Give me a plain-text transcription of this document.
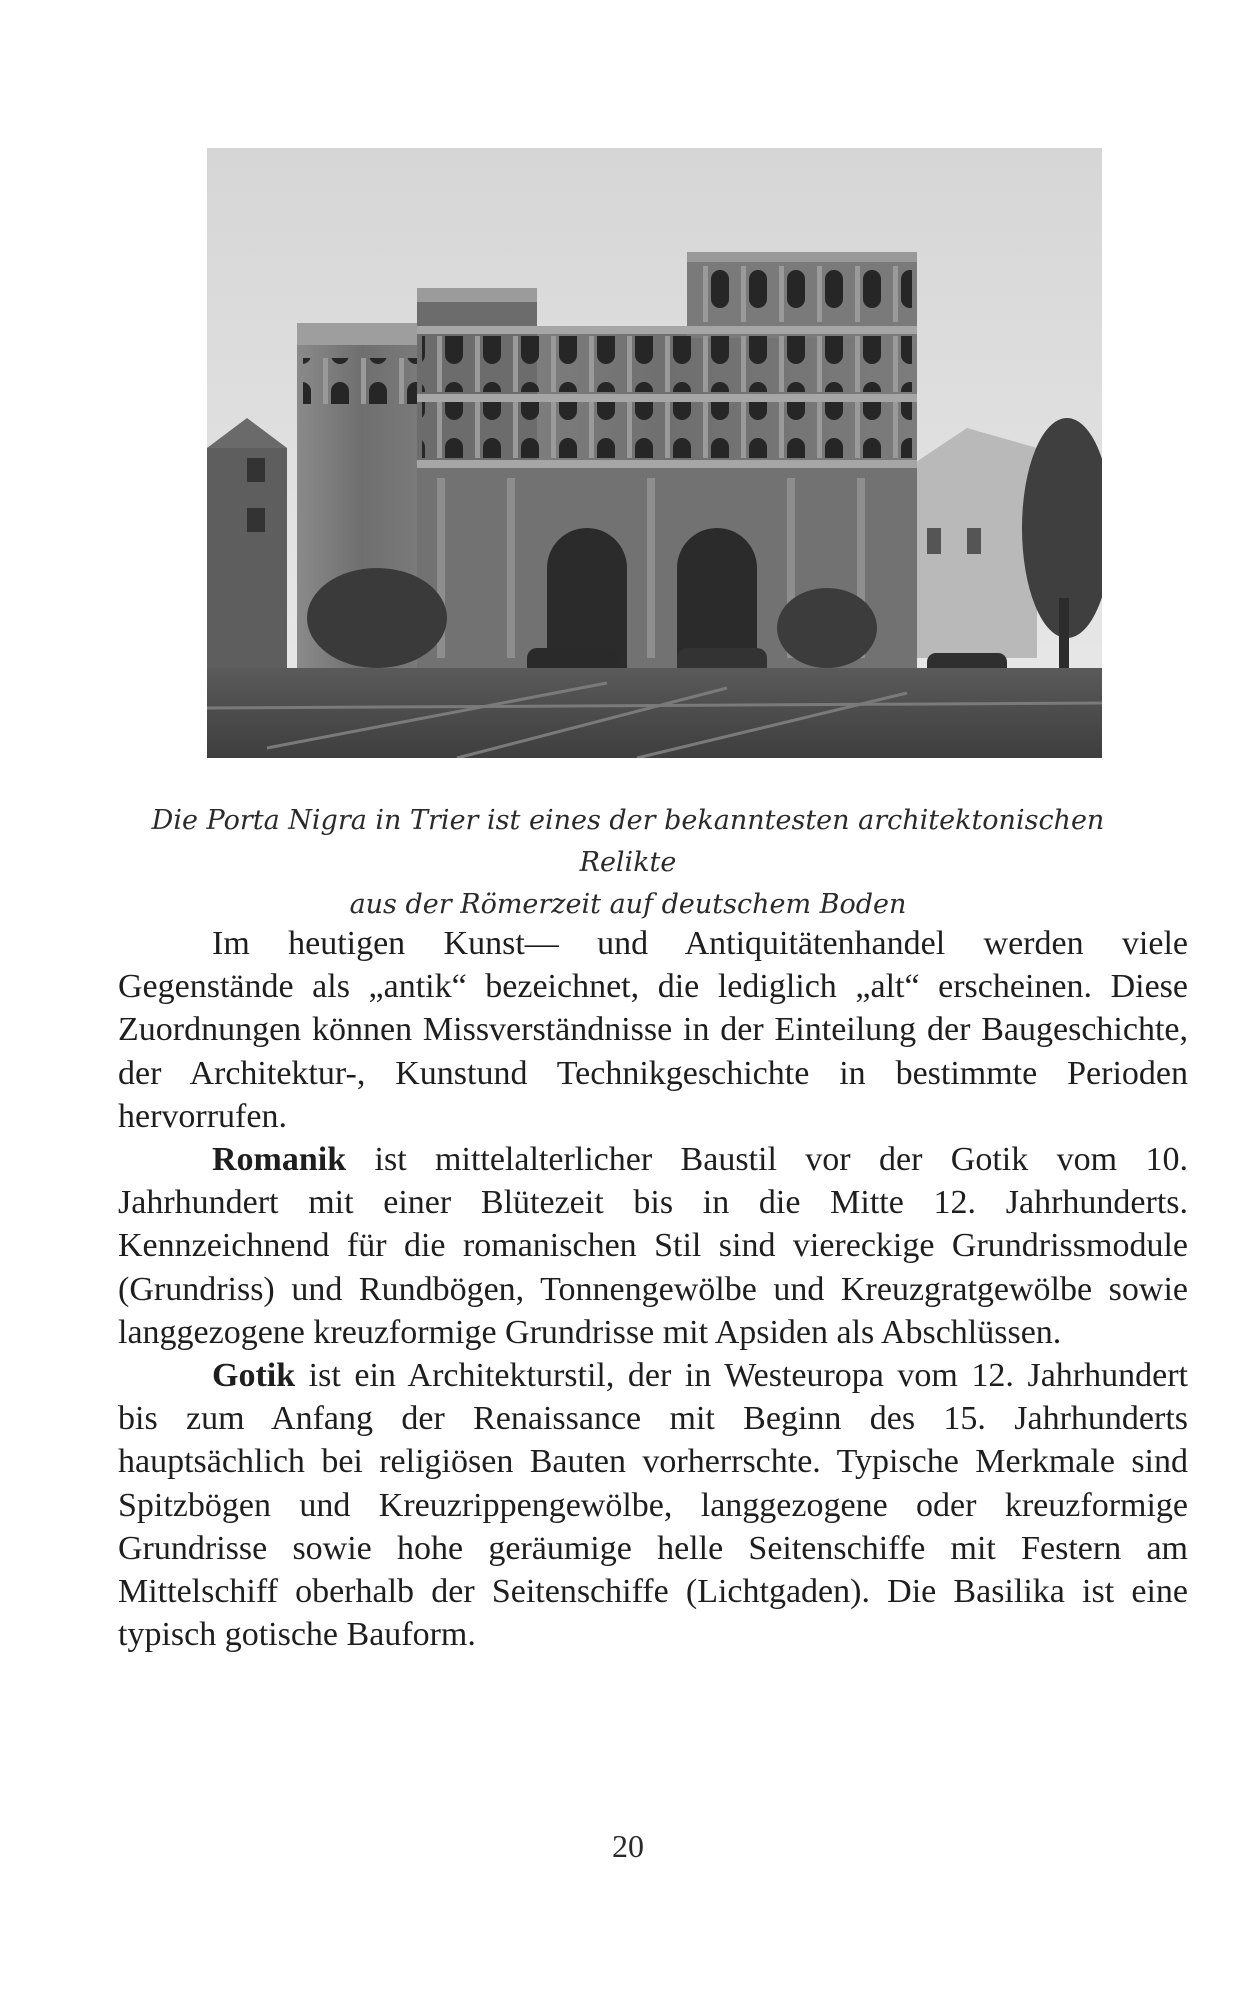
Die Porta Nigra in Trier ist eines der bekanntesten architektonischen Relikte
aus der Römerzeit auf deutschem Boden

Im heutigen Kunst— und Antiquitätenhandel werden viele Gegenstände als „antik“ bezeichnet, die lediglich „alt“ erscheinen. Diese Zuordnungen können Missverständnisse in der Einteilung der Baugeschichte, der Architektur-, Kunstund Technikgeschichte in bestimmte Perioden hervorrufen.

Romanik ist mittelalterlicher Baustil vor der Gotik vom 10. Jahrhundert mit einer Blütezeit bis in die Mitte 12. Jahrhunderts. Kennzeichnend für die romanischen Stil sind viereckige Grundrissmodule (Grundriss) und Rundbögen, Tonnengewölbe und Kreuzgratgewölbe sowie langgezogene kreuzformige Grundrisse mit Apsiden als Abschlüssen.

Gotik ist ein Architekturstil, der in Westeuropa vom 12. Jahrhundert bis zum Anfang der Renaissance mit Beginn des 15. Jahrhunderts hauptsächlich bei religiösen Bauten vorherrschte. Typische Merkmale sind Spitzbögen und Kreuzrippengewölbe, langgezogene oder kreuzformige Grundrisse sowie hohe geräumige helle Seitenschiffe mit Festern am Mittelschiff oberhalb der Seitenschiffe (Lichtgaden). Die Basilika ist eine typisch gotische Bauform.

20
